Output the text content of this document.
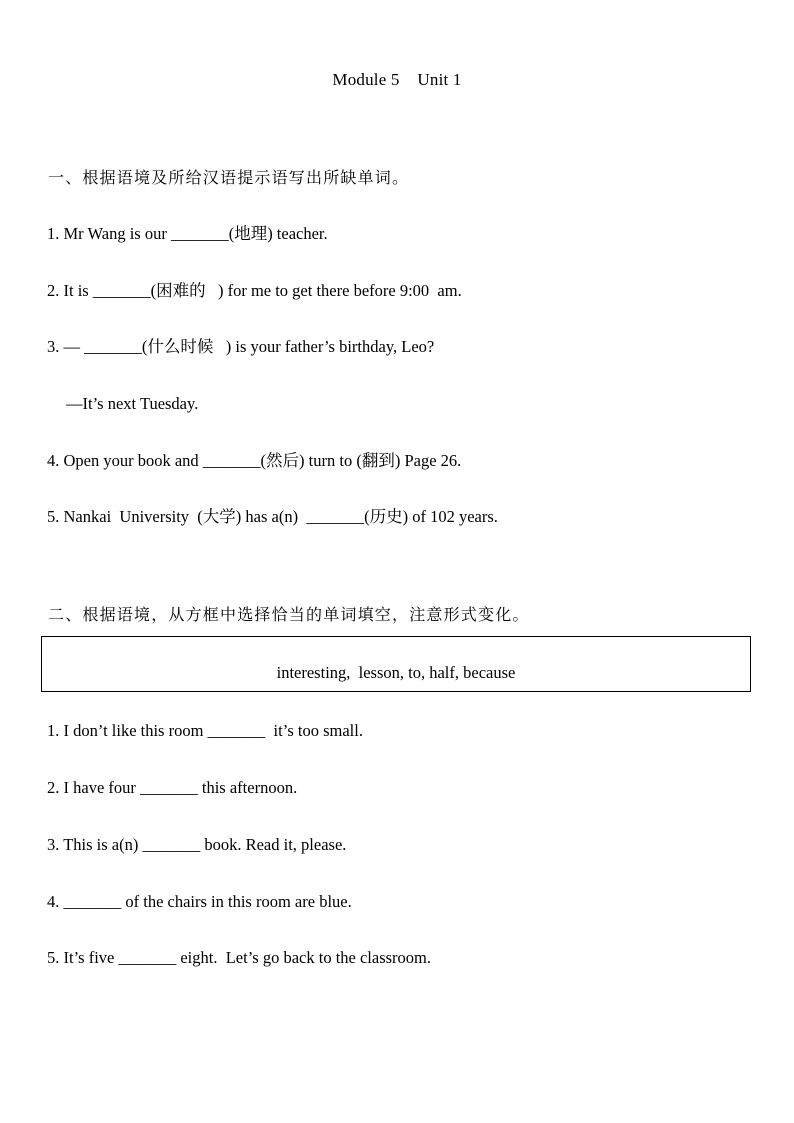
Module 5    Unit 1
一、根据语境及所给汉语提示语写出所缺单词。
1. Mr Wang is our _______(地理) teacher.
2. It is _______(困难的   ) for me to get there before 9:00  am.
3. — _______(什么时候   ) is your father’s birthday, Leo?
—It’s next Tuesday.
4. Open your book and _______(然后) turn to (翻到) Page 26.
5. Nankai  University  (大学) has a(n)  _______(历史) of 102 years.
二、根据语境，从方框中选择恰当的单词填空，注意形式变化。
interesting,  lesson, to, half, because
1. I don’t like this room _______  it’s too small.
2. I have four _______ this afternoon.
3. This is a(n) _______ book. Read it, please.
4. _______ of the chairs in this room are blue.
5. It’s five _______ eight.  Let’s go back to the classroom.
